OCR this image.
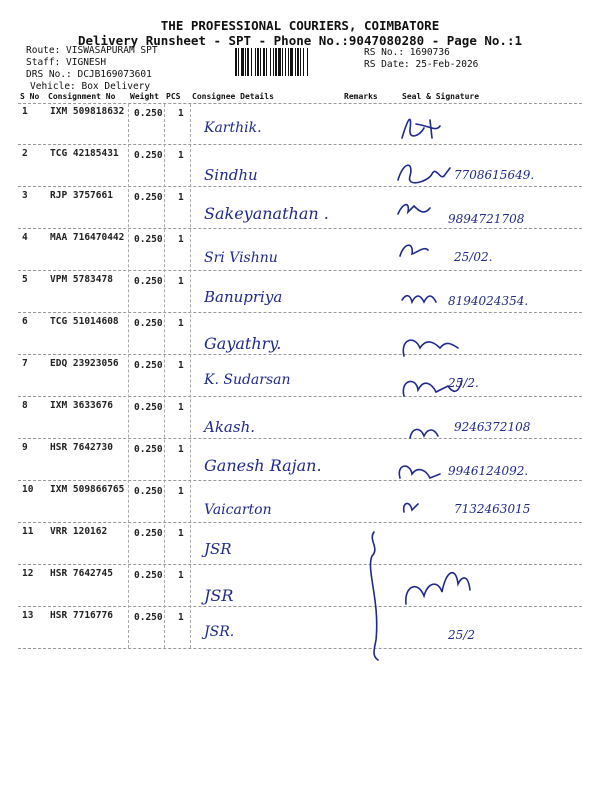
THE PROFESSIONAL COURIERS, COIMBATORE
Delivery Runsheet - SPT - Phone No.:9047080280 - Page No.:1
Route: VISWASAPURAM SPT
Staff: VIGNESH
DRS No.: DCJB169073601
Vehicle: Box Delivery
RS No.: 1690736
RS Date: 25-Feb-2026
S No Consignment No Weight PCS Consignee Details	Remarks	Seal & Signature
1 IXM 509818632 0.250 1
Karthik.
2 TCG 42185431 0.250 1
Sindhu	7708615649.
3 RJP 3757661 0.250 1
Sakeyanathan .	9894721708
4 MAA 716470442 0.250 1
Sri Vishnu	25/02.
5 VPM 5783478 0.250 1
Banupriya	8194024354.
6 TCG 51014608 0.250 1
Gayathry.
7 EDQ 23923056 0.250 1
K. Sudarsan	25/2.
8 IXM 3633676 0.250 1
Akash.	9246372108
9 HSR 7642730 0.250 1
Ganesh Rajan.	9946124092.
10 IXM 509866765 0.250 1
Vaicarton	7132463015
11 VRR 120162	0.250 1
JSR
12 HSR 7642745 0.250 1
JSR
13 HSR 7716776 0.250 1
JSR.	25/2
